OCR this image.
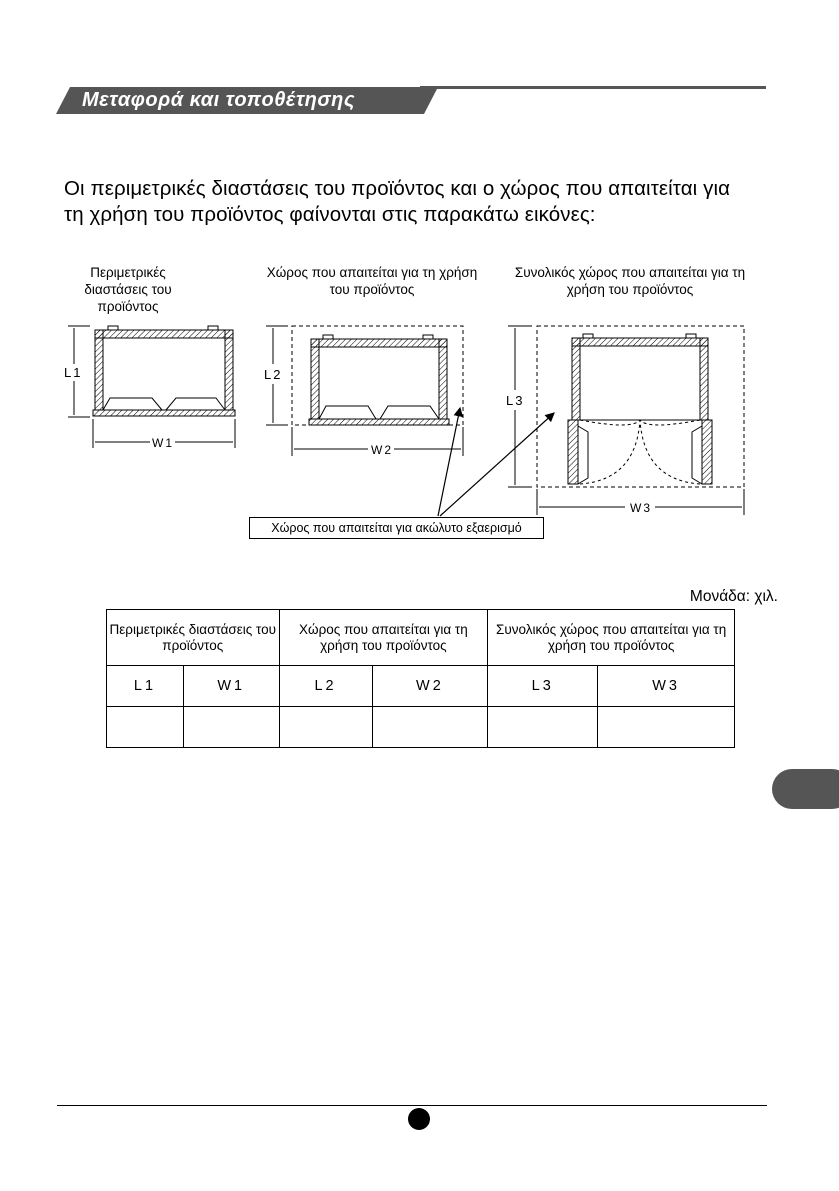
Μεταφορά και τοποθέτησης
Οι περιμετρικές διαστάσεις του προϊόντος και ο χώρος που απαιτείται για τη χρήση του προϊόντος φαίνονται στις παρακάτω εικόνες:
Περιμετρικές διαστάσεις του προϊόντος
Χώρος που απαιτείται για τη χρήση του προϊόντος
Συνολικός χώρος που απαιτείται για τη χρήση του προϊόντος
L1
W1
L2
W2
L3
W3
Χώρος που απαιτείται για ακώλυτο εξαερισμό
Μονάδα: χιλ.
Περιμετρικές διαστάσεις του προϊόντος		Χώρος που απαιτείται για τη χρήση του προϊόντος		Συνολικός χώρος που απαιτείται για τη χρήση του προϊόντος	
L1	W1	L2	W2	L3	W3
